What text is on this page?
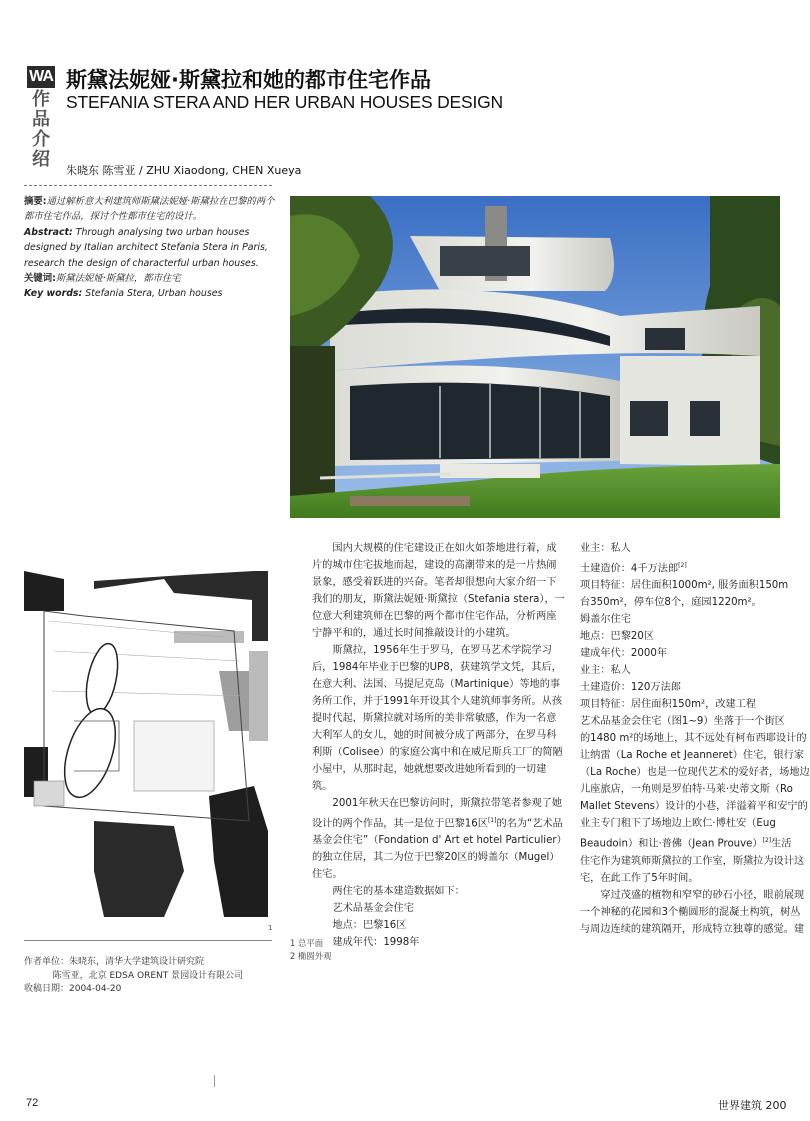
WA
作
品
介
绍
斯黛法妮娅·斯黛拉和她的都市住宅作品
STEFANIA STERA AND HER URBAN HOUSES DESIGN
朱晓东 陈雪亚 / ZHU Xiaodong, CHEN Xueya

摘要:通过解析意大利建筑师斯黛法妮娅·斯黛拉在巴黎的两个都市住宅作品，探讨个性都市住宅的设计。

Abstract: Through analysing two urban houses designed by Italian architect Stefania Stera in Paris, research the design of characterful urban houses.

关键词:斯黛法妮娅·斯黛拉，都市住宅

Key words: Stefania Stera, Urban houses

1
作者单位：朱晓东，清华大学建筑设计研究院
陈雪亚，北京 EDSA ORENT 景园设计有限公司
收稿日期：2004-04-20
1 总平面
2 椭圆外观

国内大规模的住宅建设正在如火如荼地进行着，成片的城市住宅拔地而起，建设的高潮带来的是一片热闹景象，感受着跃进的兴奋。笔者却很想向大家介绍一下我们的朋友，斯黛法妮娅·斯黛拉（Stefania stera），一位意大利建筑师在巴黎的两个都市住宅作品，分析两座宁静平和的，通过长时间推敲设计的小建筑。

斯黛拉，1956年生于罗马，在罗马艺术学院学习后，1984年毕业于巴黎的UP8，获建筑学文凭，其后，在意大利、法国、马提尼克岛（Martinique）等地的事务所工作，并于1991年开设其个人建筑师事务所。从孩提时代起，斯黛拉就对场所的美非常敏感，作为一名意大利军人的女儿，她的时间被分成了两部分，在罗马科利斯（Colisee）的家庭公寓中和在威尼斯兵工厂的简陋小屋中，从那时起，她就想要改进她所看到的一切建筑。

2001年秋天在巴黎访问时，斯黛拉带笔者参观了她设计的两个作品，其一是位于巴黎16区[1]的名为“艺术品基金会住宅”（Fondation d' Art et hotel Particulier）的独立住居，其二为位于巴黎20区的姆盖尔（Mugel）住宅。

两住宅的基本建造数据如下：

艺术品基金会住宅

地点：巴黎16区

建成年代：1998年

业主：私人

土建造价：4千万法郎[2]

项目特征：居住面积1000m², 服务面积150m

台350m²，停车位8个，庭园1220m²。

姆盖尔住宅

地点：巴黎20区

建成年代：2000年

业主：私人

土建造价：120万法郎

项目特征：居住面积150m²，改建工程

艺术品基金会住宅（图1~9）坐落于一个街区

的1480 m²的场地上，其不远处有柯布西耶设计的

让纳雷（La Roche et Jeanneret）住宅，银行家

（La Roche）也是一位现代艺术的爱好者，场地边

儿座旅店，一角则是罗伯特·马莱·史蒂文斯（Ro

Mallet Stevens）设计的小巷，洋溢着平和安宁的

业主专门租下了场地边上欧仁·博杜安（Eug

Beaudoin）和让·普佛（Jean Prouve）[2]生活

住宅作为建筑师斯黛拉的工作室，斯黛拉为设计这

宅，在此工作了5年时间。

穿过茂盛的植物和窄窄的砂石小径，眼前展现

一个神秘的花园和3个椭圆形的混凝土构筑，树丛

与周边连续的建筑隔开，形成特立独尊的感觉。建

72	世界建筑 200
